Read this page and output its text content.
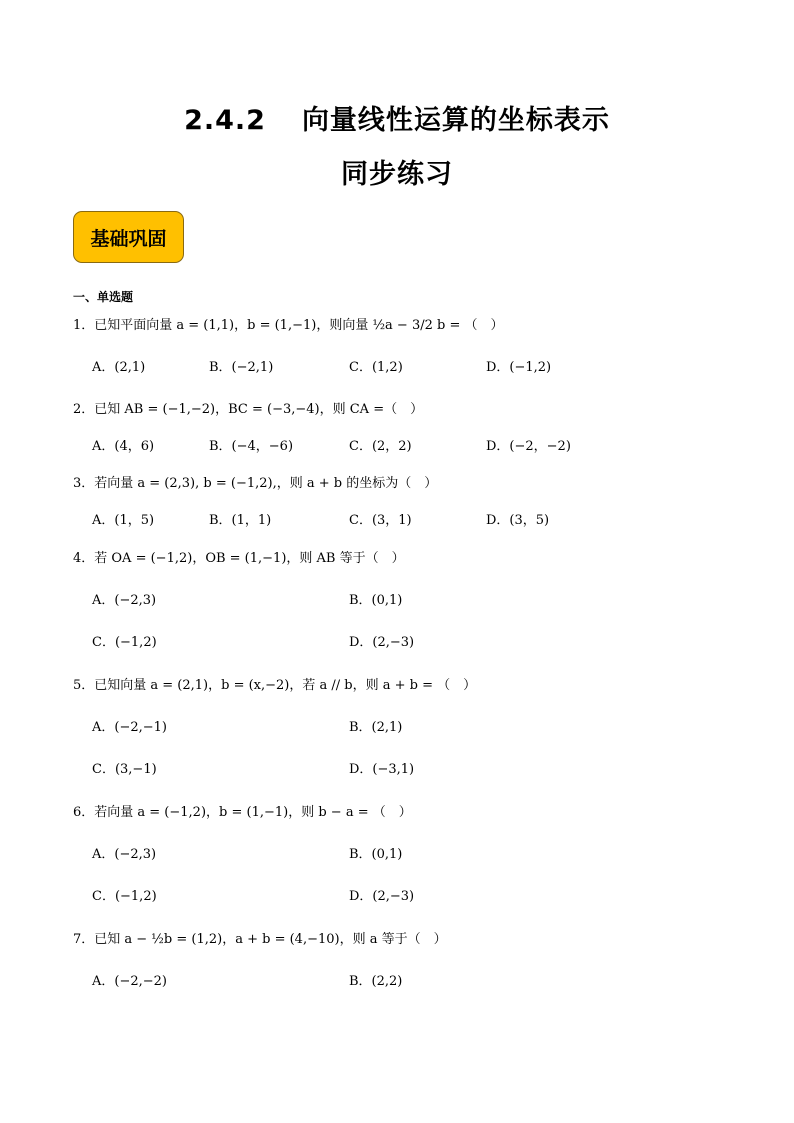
2.4.2 向量线性运算的坐标表示
同步练习
基础巩固
一、单选题
1．已知平面向量 a = (1,1)，b = (1,−1)，则向量 ½a − 3/2 b = （　）
A．(2,1)	B．(−2,1)	C．(1,2)	D．(−1,2)
2．已知 AB = (−1,−2)，BC = (−3,−4)，则 CA =（　）
A．(4，6)	B．(−4，−6)	C．(2，2)	D．(−2，−2)
3．若向量 a = (2,3), b = (−1,2),，则 a + b 的坐标为（　）
A．(1，5)	B．(1，1)	C．(3，1)	D．(3，5)
4．若 OA = (−1,2)，OB = (1,−1)，则 AB 等于（　）
A．(−2,3)	B．(0,1)
C．(−1,2)	D．(2,−3)
5．已知向量 a = (2,1)，b = (x,−2)，若 a // b，则 a + b = （　）
A．(−2,−1)	B．(2,1)
C．(3,−1)	D．(−3,1)
6．若向量 a = (−1,2)，b = (1,−1)，则 b − a = （　）
A．(−2,3)	B．(0,1)
C．(−1,2)	D．(2,−3)
7．已知 a − ½b = (1,2)，a + b = (4,−10)，则 a 等于（　）
A．(−2,−2)	B．(2,2)
